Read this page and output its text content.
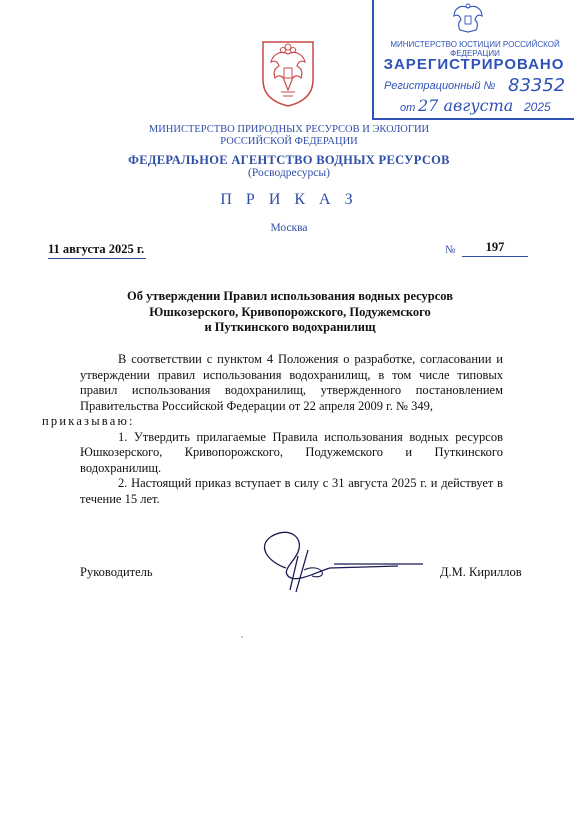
МИНИСТЕРСТВО ЮСТИЦИИ РОССИЙСКОЙ ФЕДЕРАЦИИ
ЗАРЕГИСТРИРОВАНО
Регистрационный № 83352
от 27 августа 2025
МИНИСТЕРСТВО ПРИРОДНЫХ РЕСУРСОВ И ЭКОЛОГИИ
РОССИЙСКОЙ ФЕДЕРАЦИИ
ФЕДЕРАЛЬНОЕ АГЕНТСТВО ВОДНЫХ РЕСУРСОВ
(Росводресурсы)
П Р И К А З
Москва
11 августа 2025 г.	№	197
Об утверждении Правил использования водных ресурсов
Юшкозерского, Кривопорожского, Подужемского
и Путкинского водохранилищ

В соответствии с пунктом 4 Положения о разработке, согласовании и утверждении правил использования водохранилищ, в том числе типовых правил использования водохранилищ, утвержденного постановлением Правительства Российской Федерации от 22 апреля 2009 г. № 349,
приказываю:

1. Утвердить прилагаемые Правила использования водных ресурсов Юшкозерского, Кривопорожского, Подужемского и Путкинского водохранилищ.

2. Настоящий приказ вступает в силу с 31 августа 2025 г. и действует в течение 15 лет.

Руководитель	Д.М. Кириллов
